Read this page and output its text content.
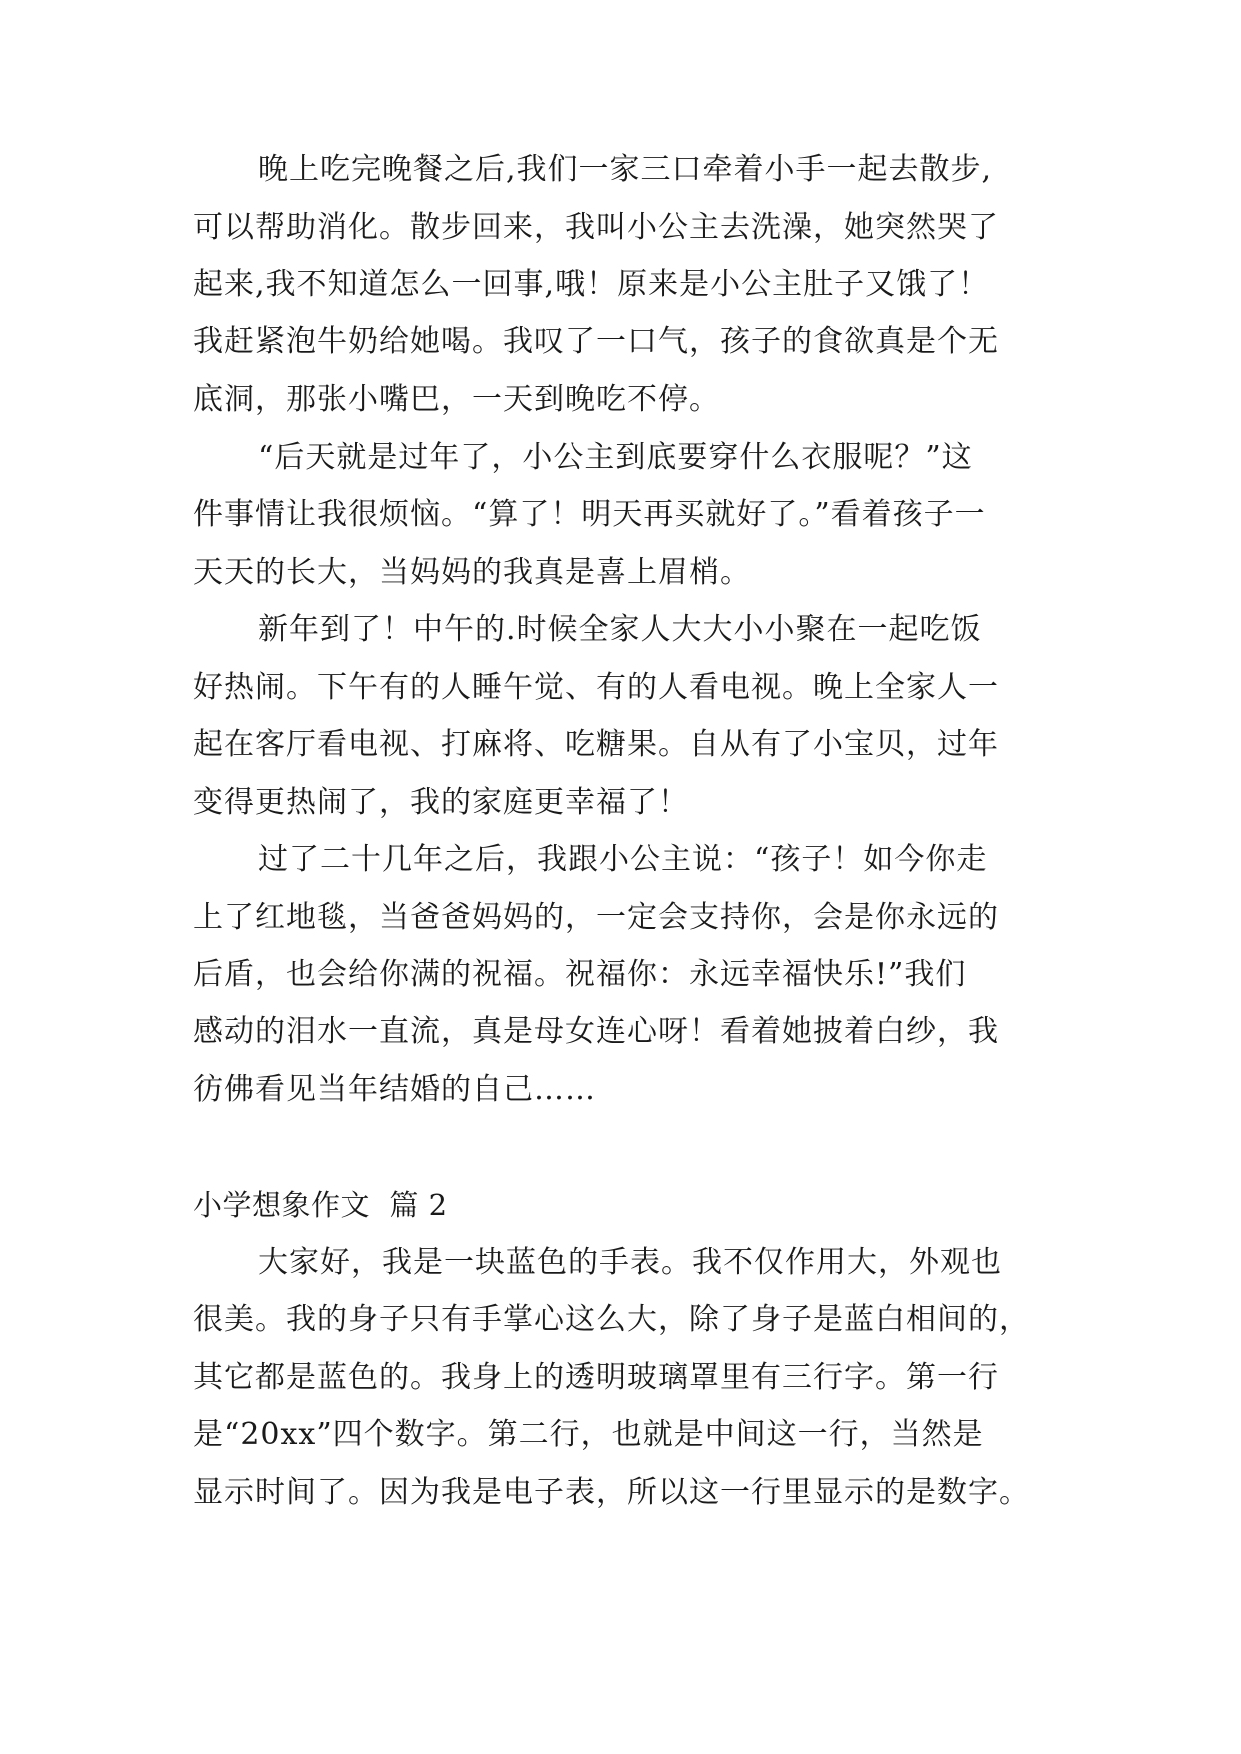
晚上吃完晚餐之后,我们一家三口牵着小手一起去散步,
可以帮助消化。散步回来，我叫小公主去洗澡，她突然哭了
起来,我不知道怎么一回事,哦！原来是小公主肚子又饿了！
我赶紧泡牛奶给她喝。我叹了一口气，孩子的食欲真是个无
底洞，那张小嘴巴，一天到晚吃不停。
“后天就是过年了，小公主到底要穿什么衣服呢？”这
件事情让我很烦恼。“算了！明天再买就好了。”看着孩子一
天天的长大，当妈妈的我真是喜上眉梢。
新年到了！中午的.时候全家人大大小小聚在一起吃饭
好热闹。下午有的人睡午觉、有的人看电视。晚上全家人一
起在客厅看电视、打麻将、吃糖果。自从有了小宝贝，过年
变得更热闹了，我的家庭更幸福了！
过了二十几年之后，我跟小公主说：“孩子！如今你走
上了红地毯，当爸爸妈妈的，一定会支持你，会是你永远的
后盾，也会给你满的祝福。祝福你：永远幸福快乐!”我们
感动的泪水一直流，真是母女连心呀！看着她披着白纱，我
彷佛看见当年结婚的自己……
小学想象作文  篇 2
大家好，我是一块蓝色的手表。我不仅作用大，外观也
很美。我的身子只有手掌心这么大，除了身子是蓝白相间的，
其它都是蓝色的。我身上的透明玻璃罩里有三行字。第一行
是“20xx”四个数字。第二行，也就是中间这一行，当然是
显示时间了。因为我是电子表，所以这一行里显示的是数字。
